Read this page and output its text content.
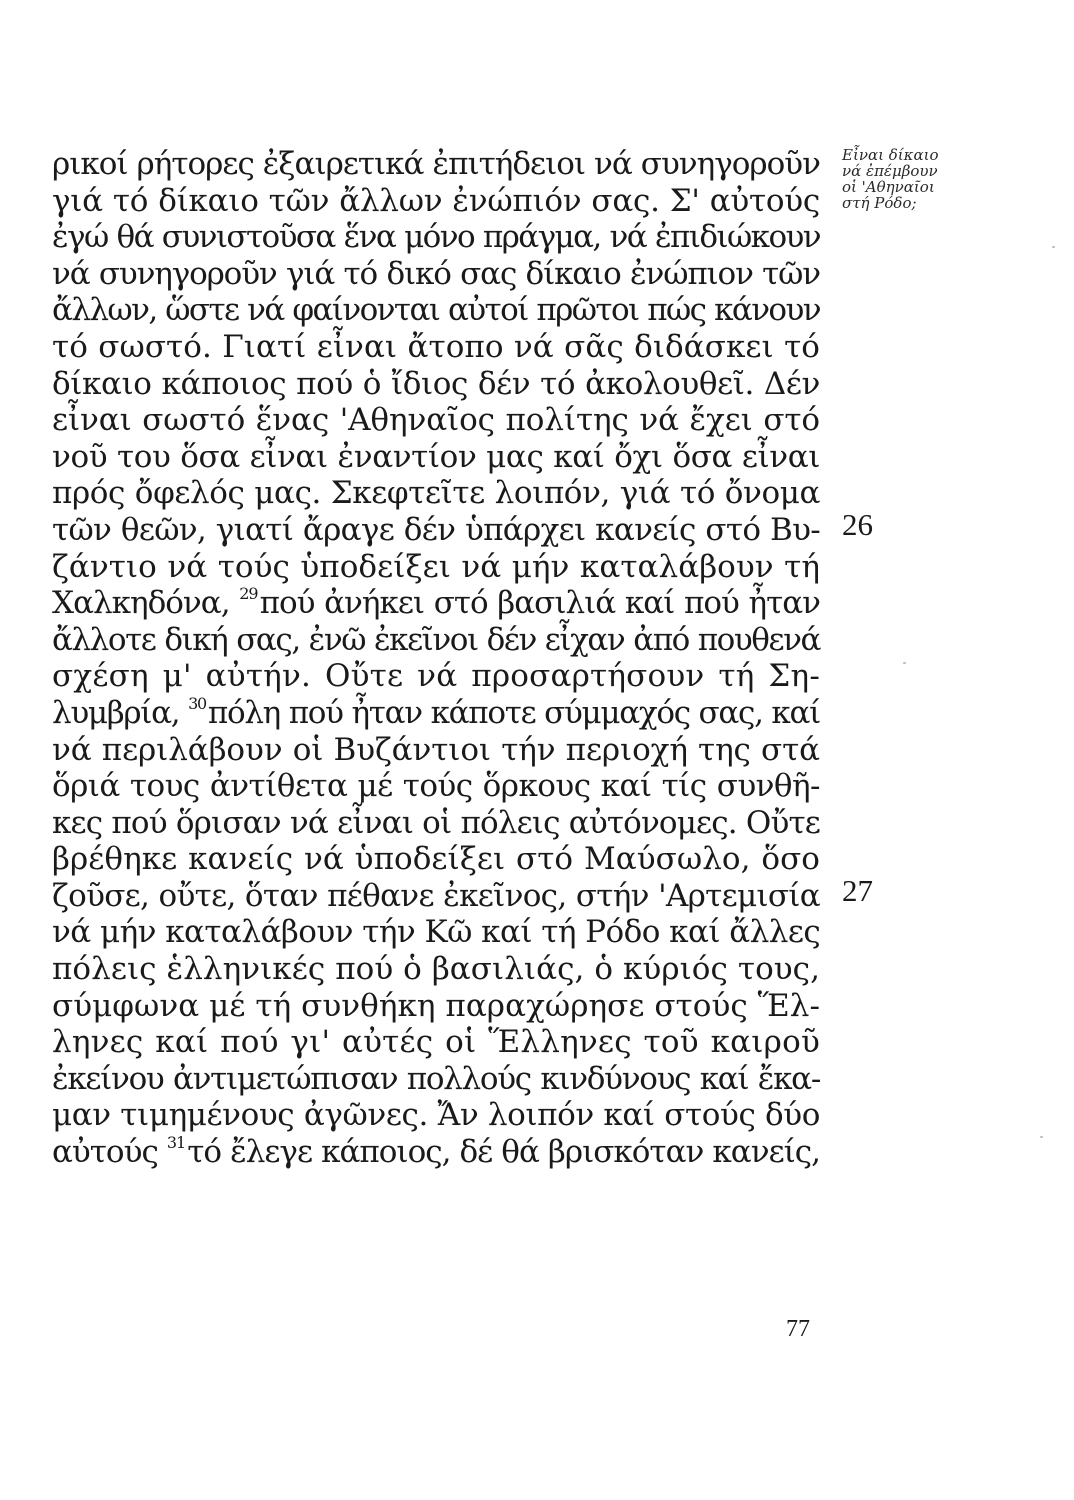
ρικοί ρήτορες ἐξαιρετικά ἐπιτήδειοι νά συνηγοροῦν
γιά τό δίκαιο τῶν ἄλλων ἐνώπιόν σας. Σ' αὐτούς
ἐγώ θά συνιστοῦσα ἕνα μόνο πράγμα, νά ἐπιδιώκουν
νά συνηγοροῦν γιά τό δικό σας δίκαιο ἐνώπιον τῶν
ἄλλων, ὥστε νά φαίνονται αὐτοί πρῶτοι πώς κάνουν
τό σωστό. Γιατί εἶναι ἄτοπο νά σᾶς διδάσκει τό
δίκαιο κάποιος πού ὁ ἴδιος δέν τό ἀκολουθεῖ. Δέν
εἶναι σωστό ἕνας 'Αθηναῖος πολίτης νά ἔχει στό
νοῦ του ὅσα εἶναι ἐναντίον μας καί ὄχι ὅσα εἶναι
πρός ὄφελός μας. Σκεφτεῖτε λοιπόν, γιά τό ὄνομα
τῶν θεῶν, γιατί ἄραγε δέν ὑπάρχει κανείς στό Βυ-
ζάντιο νά τούς ὑποδείξει νά μήν καταλάβουν τή
Χαλκηδόνα, $^{29}$πού ἀνήκει στό βασιλιά καί πού ἦταν
ἄλλοτε δική σας, ἐνῶ ἐκεῖνοι δέν εἶχαν ἀπό πουθενά
σχέση μ' αὐτήν. Οὔτε νά προσαρτήσουν τή Ση-
λυμβρία, $^{30}$πόλη πού ἦταν κάποτε σύμμαχός σας, καί
νά περιλάβουν οἱ Βυζάντιοι τήν περιοχή της στά
ὅριά τους ἀντίθετα μέ τούς ὅρκους καί τίς συνθῆ-
κες πού ὅρισαν νά εἶναι οἱ πόλεις αὐτόνομες. Οὔτε
βρέθηκε κανείς νά ὑποδείξει στό Μαύσωλο, ὅσο
ζοῦσε, οὔτε, ὅταν πέθανε ἐκεῖνος, στήν 'Αρτεμισία
νά μήν καταλάβουν τήν Κῶ καί τή Ρόδο καί ἄλλες
πόλεις ἑλληνικές πού ὁ βασιλιάς, ὁ κύριός τους,
σύμφωνα μέ τή συνθήκη παραχώρησε στούς Ἕλ-
ληνες καί πού γι' αὐτές οἱ Ἕλληνες τοῦ καιροῦ
ἐκείνου ἀντιμετώπισαν πολλούς κινδύνους καί ἔκα-
μαν τιμημένους ἀγῶνες. Ἄν λοιπόν καί στούς δύο
αὐτούς $^{31}$τό ἔλεγε κάποιος, δέ θά βρισκόταν κανείς,
Εἶναι δίκαιο
νά ἐπέμβουν
οἱ 'Αθηναῖοι
στή Ρόδο;
26
27
77
